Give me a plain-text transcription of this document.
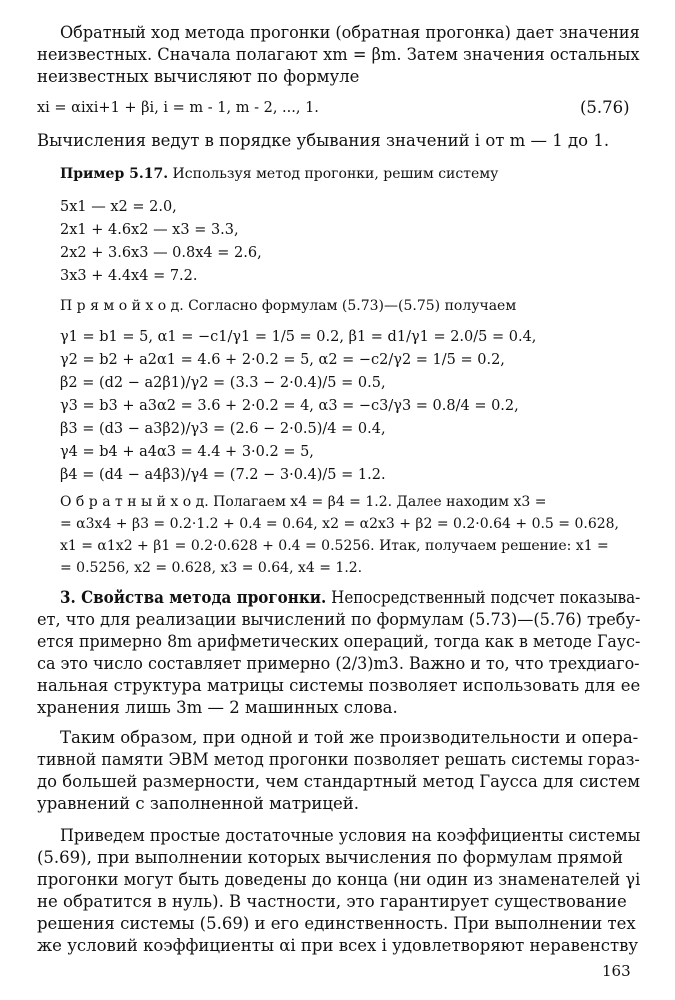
Обратный ход метода прогонки (обратная прогонка) дает значения

неизвестных. Сначала полагают xm = βm. Затем значения остальных

неизвестных вычисляют по формуле

xi = αixi+1 + βi, i = m - 1, m - 2, ..., 1.	(5.76)

Вычисления ведут в порядке убывания значений i от m — 1 до 1.

Пример 5.17. Используя метод прогонки, решим систему

5x1 — x2 = 2.0,

2x1 + 4.6x2 — x3 = 3.3,

2x2 + 3.6x3 — 0.8x4 = 2.6,

3x3 + 4.4x4 = 7.2.

П р я м о й х о д. Согласно формулам (5.73)—(5.75) получаем

γ1 = b1 = 5, α1 = −c1/γ1 = 1/5 = 0.2, β1 = d1/γ1 = 2.0/5 = 0.4,

γ2 = b2 + a2α1 = 4.6 + 2·0.2 = 5, α2 = −c2/γ2 = 1/5 = 0.2,

β2 = (d2 − a2β1)/γ2 = (3.3 − 2·0.4)/5 = 0.5,

γ3 = b3 + a3α2 = 3.6 + 2·0.2 = 4, α3 = −c3/γ3 = 0.8/4 = 0.2,

β3 = (d3 − a3β2)/γ3 = (2.6 − 2·0.5)/4 = 0.4,

γ4 = b4 + a4α3 = 4.4 + 3·0.2 = 5,

β4 = (d4 − a4β3)/γ4 = (7.2 − 3·0.4)/5 = 1.2.

О б р а т н ы й х о д. Полагаем x4 = β4 = 1.2. Далее находим x3 =

= α3x4 + β3 = 0.2·1.2 + 0.4 = 0.64, x2 = α2x3 + β2 = 0.2·0.64 + 0.5 = 0.628,

x1 = α1x2 + β1 = 0.2·0.628 + 0.4 = 0.5256. Итак, получаем решение: x1 =

= 0.5256, x2 = 0.628, x3 = 0.64, x4 = 1.2.

3. Свойства метода прогонки. Непосредственный подсчет показыва-

ет, что для реализации вычислений по формулам (5.73)—(5.76) требу-

ется примерно 8m арифметических операций, тогда как в методе Гаус-

са это число составляет примерно (2/3)m3. Важно и то, что трехдиаго-

нальная структура матрицы системы позволяет использовать для ее

хранения лишь 3m — 2 машинных слова.

Таким образом, при одной и той же производительности и опера-

тивной памяти ЭВМ метод прогонки позволяет решать системы гораз-

до большей размерности, чем стандартный метод Гаусса для систем

уравнений с заполненной матрицей.

Приведем простые достаточные условия на коэффициенты системы

(5.69), при выполнении которых вычисления по формулам прямой

прогонки могут быть доведены до конца (ни один из знаменателей γi

не обратится в нуль). В частности, это гарантирует существование

решения системы (5.69) и его единственность. При выполнении тех

же условий коэффициенты αi при всех i удовлетворяют неравенству

163
